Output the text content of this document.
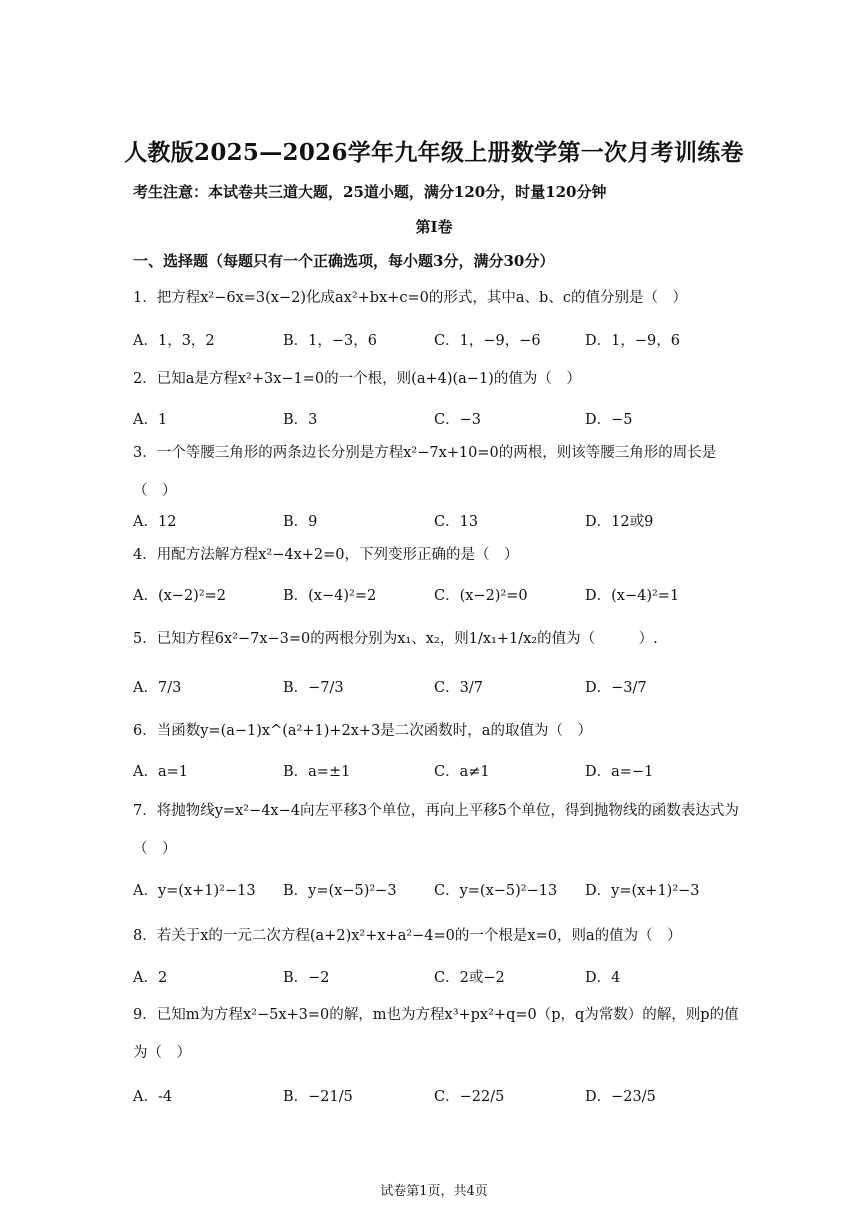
人教版2025—2026学年九年级上册数学第一次月考训练卷
考生注意：本试卷共三道大题，25道小题，满分120分，时量120分钟
第I卷
一、选择题（每题只有一个正确选项，每小题3分，满分30分）
1．把方程x²−6x=3(x−2)化成ax²+bx+c=0的形式，其中a、b、c的值分别是（　）
A．1，3，2	B．1，−3，6	C．1，−9，−6	D．1，−9，6
2．已知a是方程x²+3x−1=0的一个根，则(a+4)(a−1)的值为（　）
A．1	B．3	C．−3	D．−5
3．一个等腰三角形的两条边长分别是方程x²−7x+10=0的两根，则该等腰三角形的周长是（　）
A．12	B．9	C．13	D．12或9
4．用配方法解方程x²−4x+2=0，下列变形正确的是（　）
A．(x−2)²=2	B．(x−4)²=2	C．(x−2)²=0	D．(x−4)²=1
5．已知方程6x²−7x−3=0的两根分别为x₁、x₂，则1/x₁+1/x₂的值为（　　　）.
A．7/3	B．−7/3	C．3/7	D．−3/7
6．当函数y=(a−1)x^(a²+1)+2x+3是二次函数时，a的取值为（　）
A．a=1	B．a=±1	C．a≠1	D．a=−1
7．将抛物线y=x²−4x−4向左平移3个单位，再向上平移5个单位，得到抛物线的函数表达式为（　）
A．y=(x+1)²−13 B．y=(x−5)²−3	C．y=(x−5)²−13 D．y=(x+1)²−3
8．若关于x的一元二次方程(a+2)x²+x+a²−4=0的一个根是x=0，则a的值为（　）
A．2	B．−2	C．2或−2	D．4
9．已知m为方程x²−5x+3=0的解，m也为方程x³+px²+q=0（p，q为常数）的解，则p的值为（　）
A．-4	B．−21/5	C．−22/5	D．−23/5
试卷第1页，共4页
